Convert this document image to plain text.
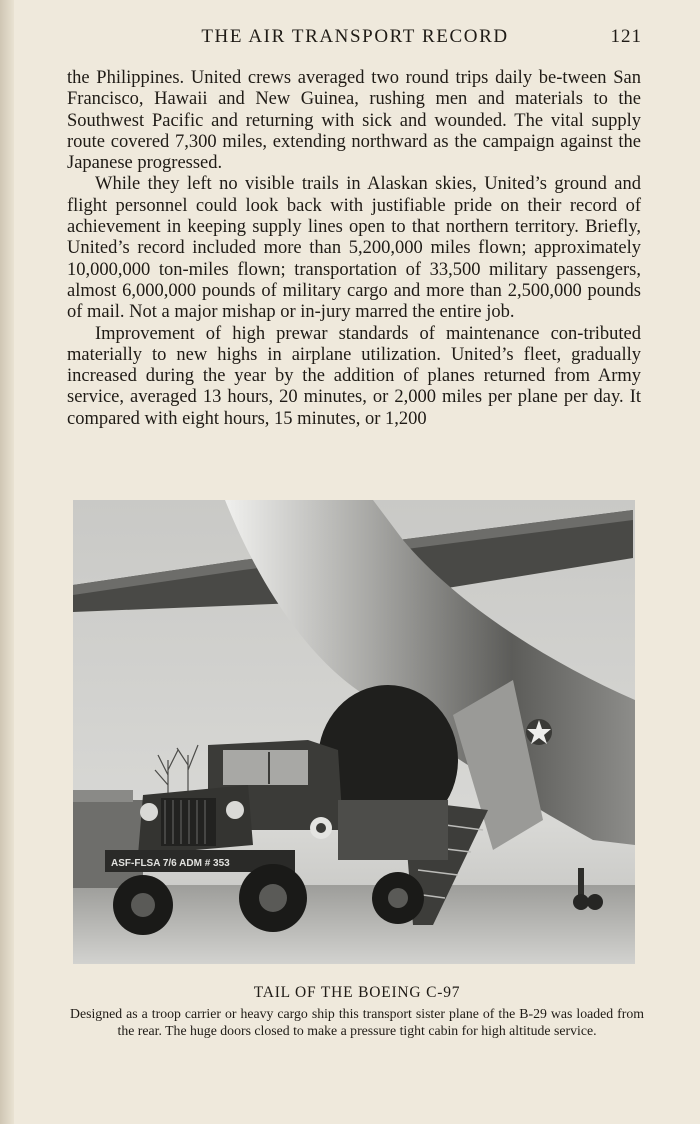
THE AIR TRANSPORT RECORD	121

the Philippines. United crews averaged two round trips daily be-tween San Francisco, Hawaii and New Guinea, rushing men and materials to the Southwest Pacific and returning with sick and wounded. The vital supply route covered 7,300 miles, extending northward as the campaign against the Japanese progressed.

While they left no visible trails in Alaskan skies, United’s ground and flight personnel could look back with justifiable pride on their record of achievement in keeping supply lines open to that northern territory. Briefly, United’s record included more than 5,200,000 miles flown; approximately 10,000,000 ton-miles flown; transportation of 33,500 military passengers, almost 6,000,000 pounds of military cargo and more than 2,500,000 pounds of mail. Not a major mishap or in-jury marred the entire job.

Improvement of high prewar standards of maintenance con-tributed materially to new highs in airplane utilization. United’s fleet, gradually increased during the year by the addition of planes returned from Army service, averaged 13 hours, 20 minutes, or 2,000 miles per plane per day. It compared with eight hours, 15 minutes, or 1,200

ASF-FLSA 7/6 ADM # 353
TAIL OF THE BOEING C-97
Designed as a troop carrier or heavy cargo ship this transport sister plane of the B-29 was loaded from the rear. The huge doors closed to make a pressure tight cabin for high altitude service.
